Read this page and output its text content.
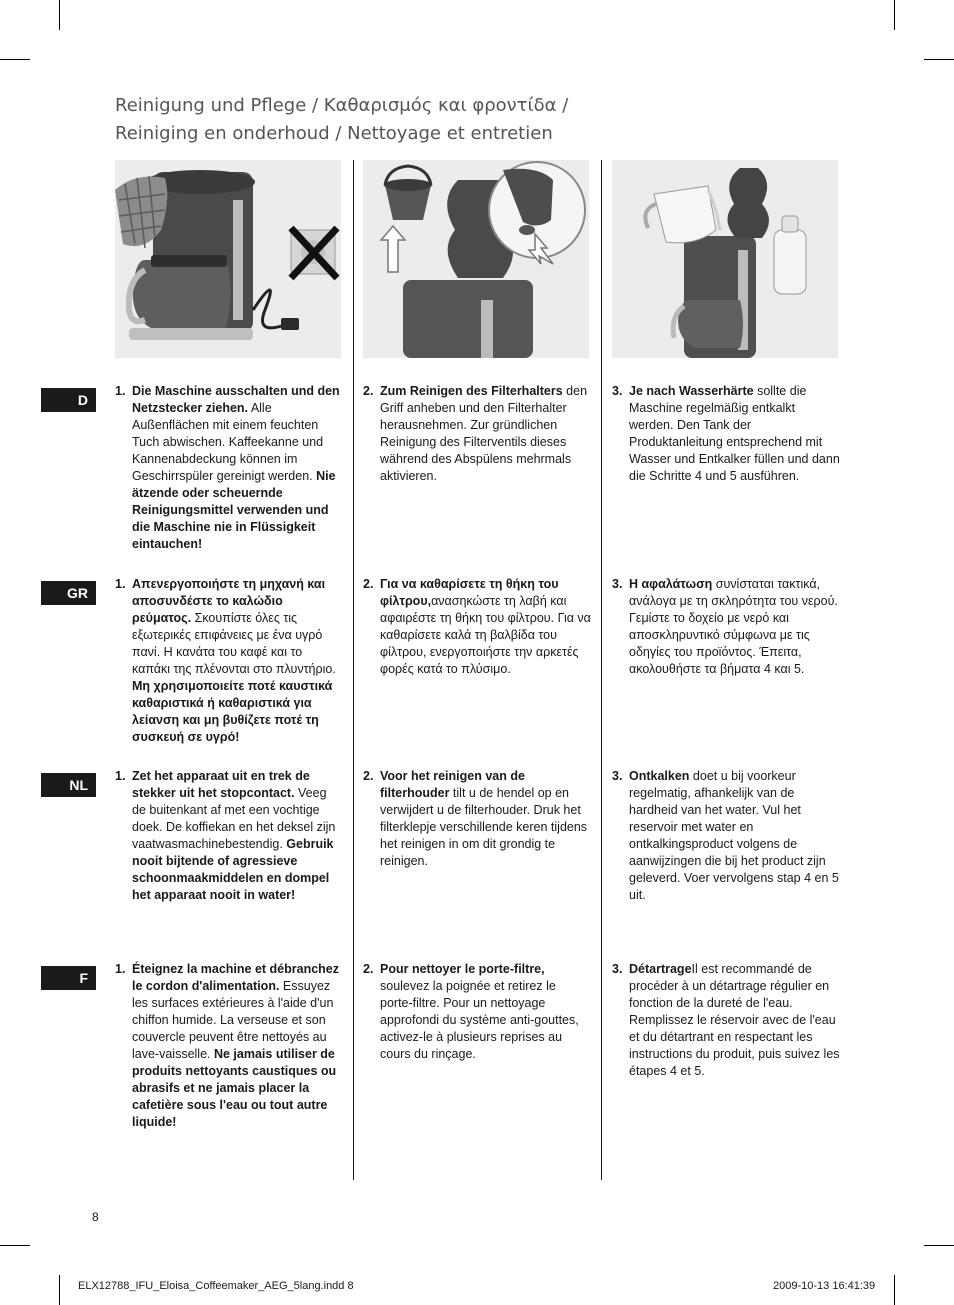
Reinigung und Pflege / Καθαρισμός και φροντίδα /
Reiniging en onderhoud / Nettoyage et entretien
D
GR
NL
F
1. Die Maschine ausschalten und den Netzstecker ziehen. Alle Außenflächen mit einem feuchten Tuch abwischen. Kaffeekanne und Kannenabdeckung können im Geschirrspüler gereinigt werden. Nie ätzende oder scheuernde Reinigungsmittel verwenden und die Maschine nie in Flüssigkeit eintauchen!
2. Zum Reinigen des Filterhalters den Griff anheben und den Filterhalter herausnehmen. Zur gründlichen Reinigung des Filterventils dieses während des Abspülens mehrmals aktivieren.
3. Je nach Wasserhärte sollte die Maschine regelmäßig entkalkt werden. Den Tank der Produktanleitung entsprechend mit Wasser und Entkalker füllen und dann die Schritte 4 und 5 ausführen.
1. Απενεργοποιήστε τη μηχανή και αποσυνδέστε το καλώδιο ρεύματος. Σκουπίστε όλες τις εξωτερικές επιφάνειες με ένα υγρό πανί. Η κανάτα του καφέ και το καπάκι της πλένονται στο πλυντήριο. Μη χρησιμοποιείτε ποτέ καυστικά καθαριστικά ή καθαριστικά για λείανση και μη βυθίζετε ποτέ τη συσκευή σε υγρό!
2. Για να καθαρίσετε τη θήκη του φίλτρου,ανασηκώστε τη λαβή και αφαιρέστε τη θήκη του φίλτρου. Για να καθαρίσετε καλά τη βαλβίδα του φίλτρου, ενεργοποιήστε την αρκετές φορές κατά το πλύσιμο.
3. Η αφαλάτωση συνίσταται τακτικά, ανάλογα με τη σκληρότητα του νερού. Γεμίστε το δοχείο με νερό και αποσκληρυντικό σύμφωνα με τις οδηγίες του προϊόντος. Έπειτα, ακολουθήστε τα βήματα 4 και 5.
1. Zet het apparaat uit en trek de stekker uit het stopcontact. Veeg de buitenkant af met een vochtige doek. De koffiekan en het deksel zijn vaatwasmachinebestendig. Gebruik nooit bijtende of agressieve schoonmaakmiddelen en dompel het apparaat nooit in water!
2. Voor het reinigen van de filterhouder tilt u de hendel op en verwijdert u de filterhouder. Druk het filterklepje verschillende keren tijdens het reinigen in om dit grondig te reinigen.
3. Ontkalken doet u bij voorkeur regelmatig, afhankelijk van de hardheid van het water. Vul het reservoir met water en ontkalkingsproduct volgens de aanwijzingen die bij het product zijn geleverd. Voer vervolgens stap 4 en 5 uit.
1. Éteignez la machine et débranchez le cordon d'alimentation. Essuyez les surfaces extérieures à l'aide d'un chiffon humide. La verseuse et son couvercle peuvent être nettoyés au lave-vaisselle. Ne jamais utiliser de produits nettoyants caustiques ou abrasifs et ne jamais placer la cafetière sous l'eau ou tout autre liquide!
2. Pour nettoyer le porte-filtre, soulevez la poignée et retirez le porte-filtre. Pour un nettoyage approfondi du système anti-gouttes, activez-le à plusieurs reprises au cours du rinçage.
3. DétartrageIl est recommandé de procéder à un détartrage régulier en fonction de la dureté de l'eau. Remplissez le réservoir avec de l'eau et du détartrant en respectant les instructions du produit, puis suivez les étapes 4 et 5.
8
ELX12788_IFU_Eloisa_Coffeemaker_AEG_5lang.indd 8	2009-10-13 16:41:39
